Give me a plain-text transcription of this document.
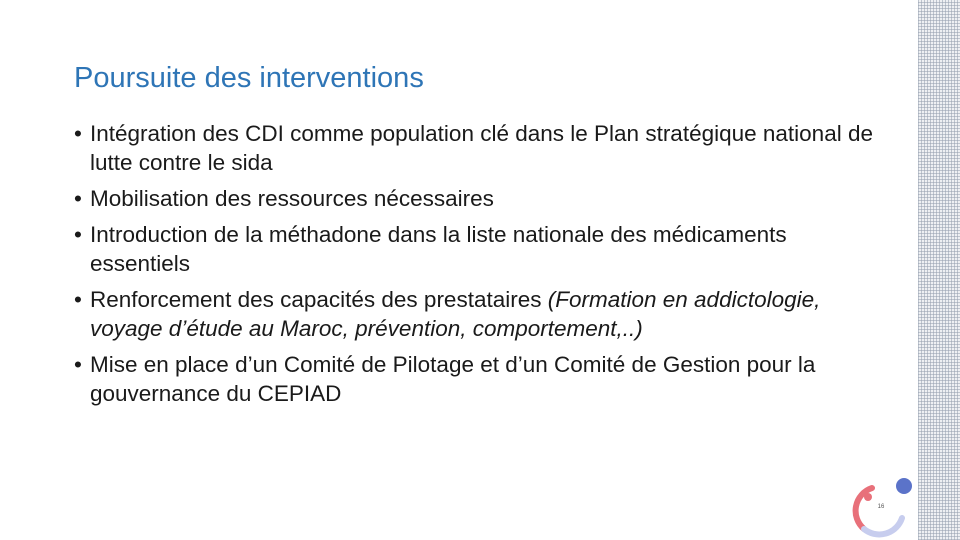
Poursuite des interventions
• Intégration des CDI comme population clé dans le Plan stratégique national de lutte contre le sida
• Mobilisation des ressources nécessaires
• Introduction de la méthadone dans la liste nationale des médicaments essentiels
• Renforcement des capacités des prestataires (Formation en addictologie, voyage d’étude au Maroc, prévention, comportement,..)
• Mise en place d’un Comité de Pilotage et d’un Comité de Gestion pour la gouvernance du CEPIAD
16
